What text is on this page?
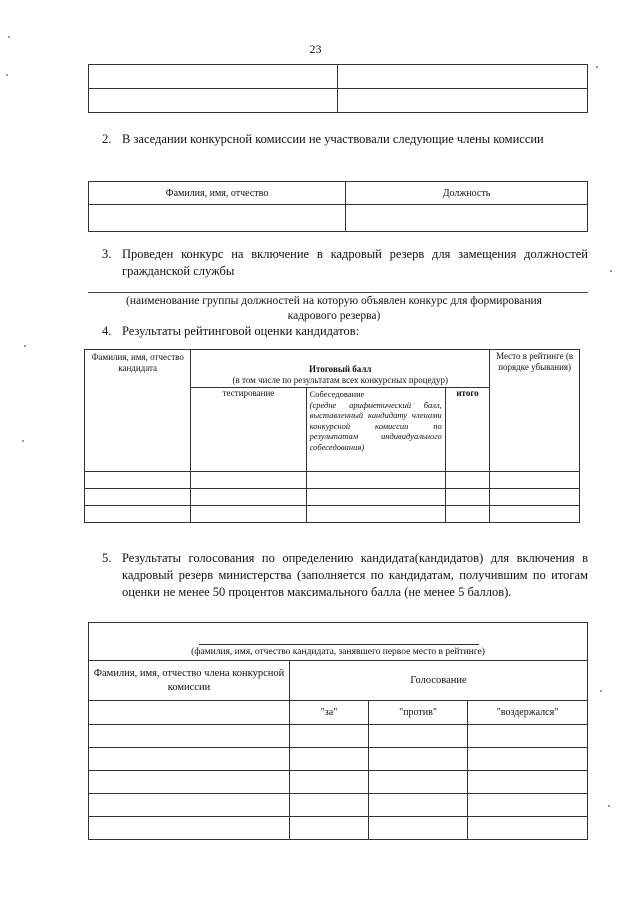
23

2. В заседании конкурсной комиссии не участвовали следующие члены комиссии
Фамилия, имя, отчество	Должность

3. Проведен конкурс на включение в кадровый резерв для замещения должностей гражданской службы
(наименование группы должностей на которую объявлен конкурс для формирования кадрового резерва)
4. Результаты рейтинговой оценки кандидатов:
Фамилия, имя, отчество кандидата	Итоговый балл
(в том числе по результатам всех конкурсных процедур)			Место в рейтинге (в порядке убывания)
	тестирование	Собеседование
(средне арифметический балл, выставленный кандидату членами конкурсной комиссии по результатам индивидуального собеседования)	итого	

5. Результаты голосования по определению кандидата(кандидатов) для включения в кадровый резерв министерства (заполняется по кандидатам, получившим по итогам оценки не менее 50 процентов максимального балла (не менее 5 баллов).
(фамилия, имя, отчество кандидата, занявшего первое место в рейтинге)			
Фамилия, имя, отчество члена конкурсной комиссии	Голосование		
	"за"	"против"	"воздержался"
